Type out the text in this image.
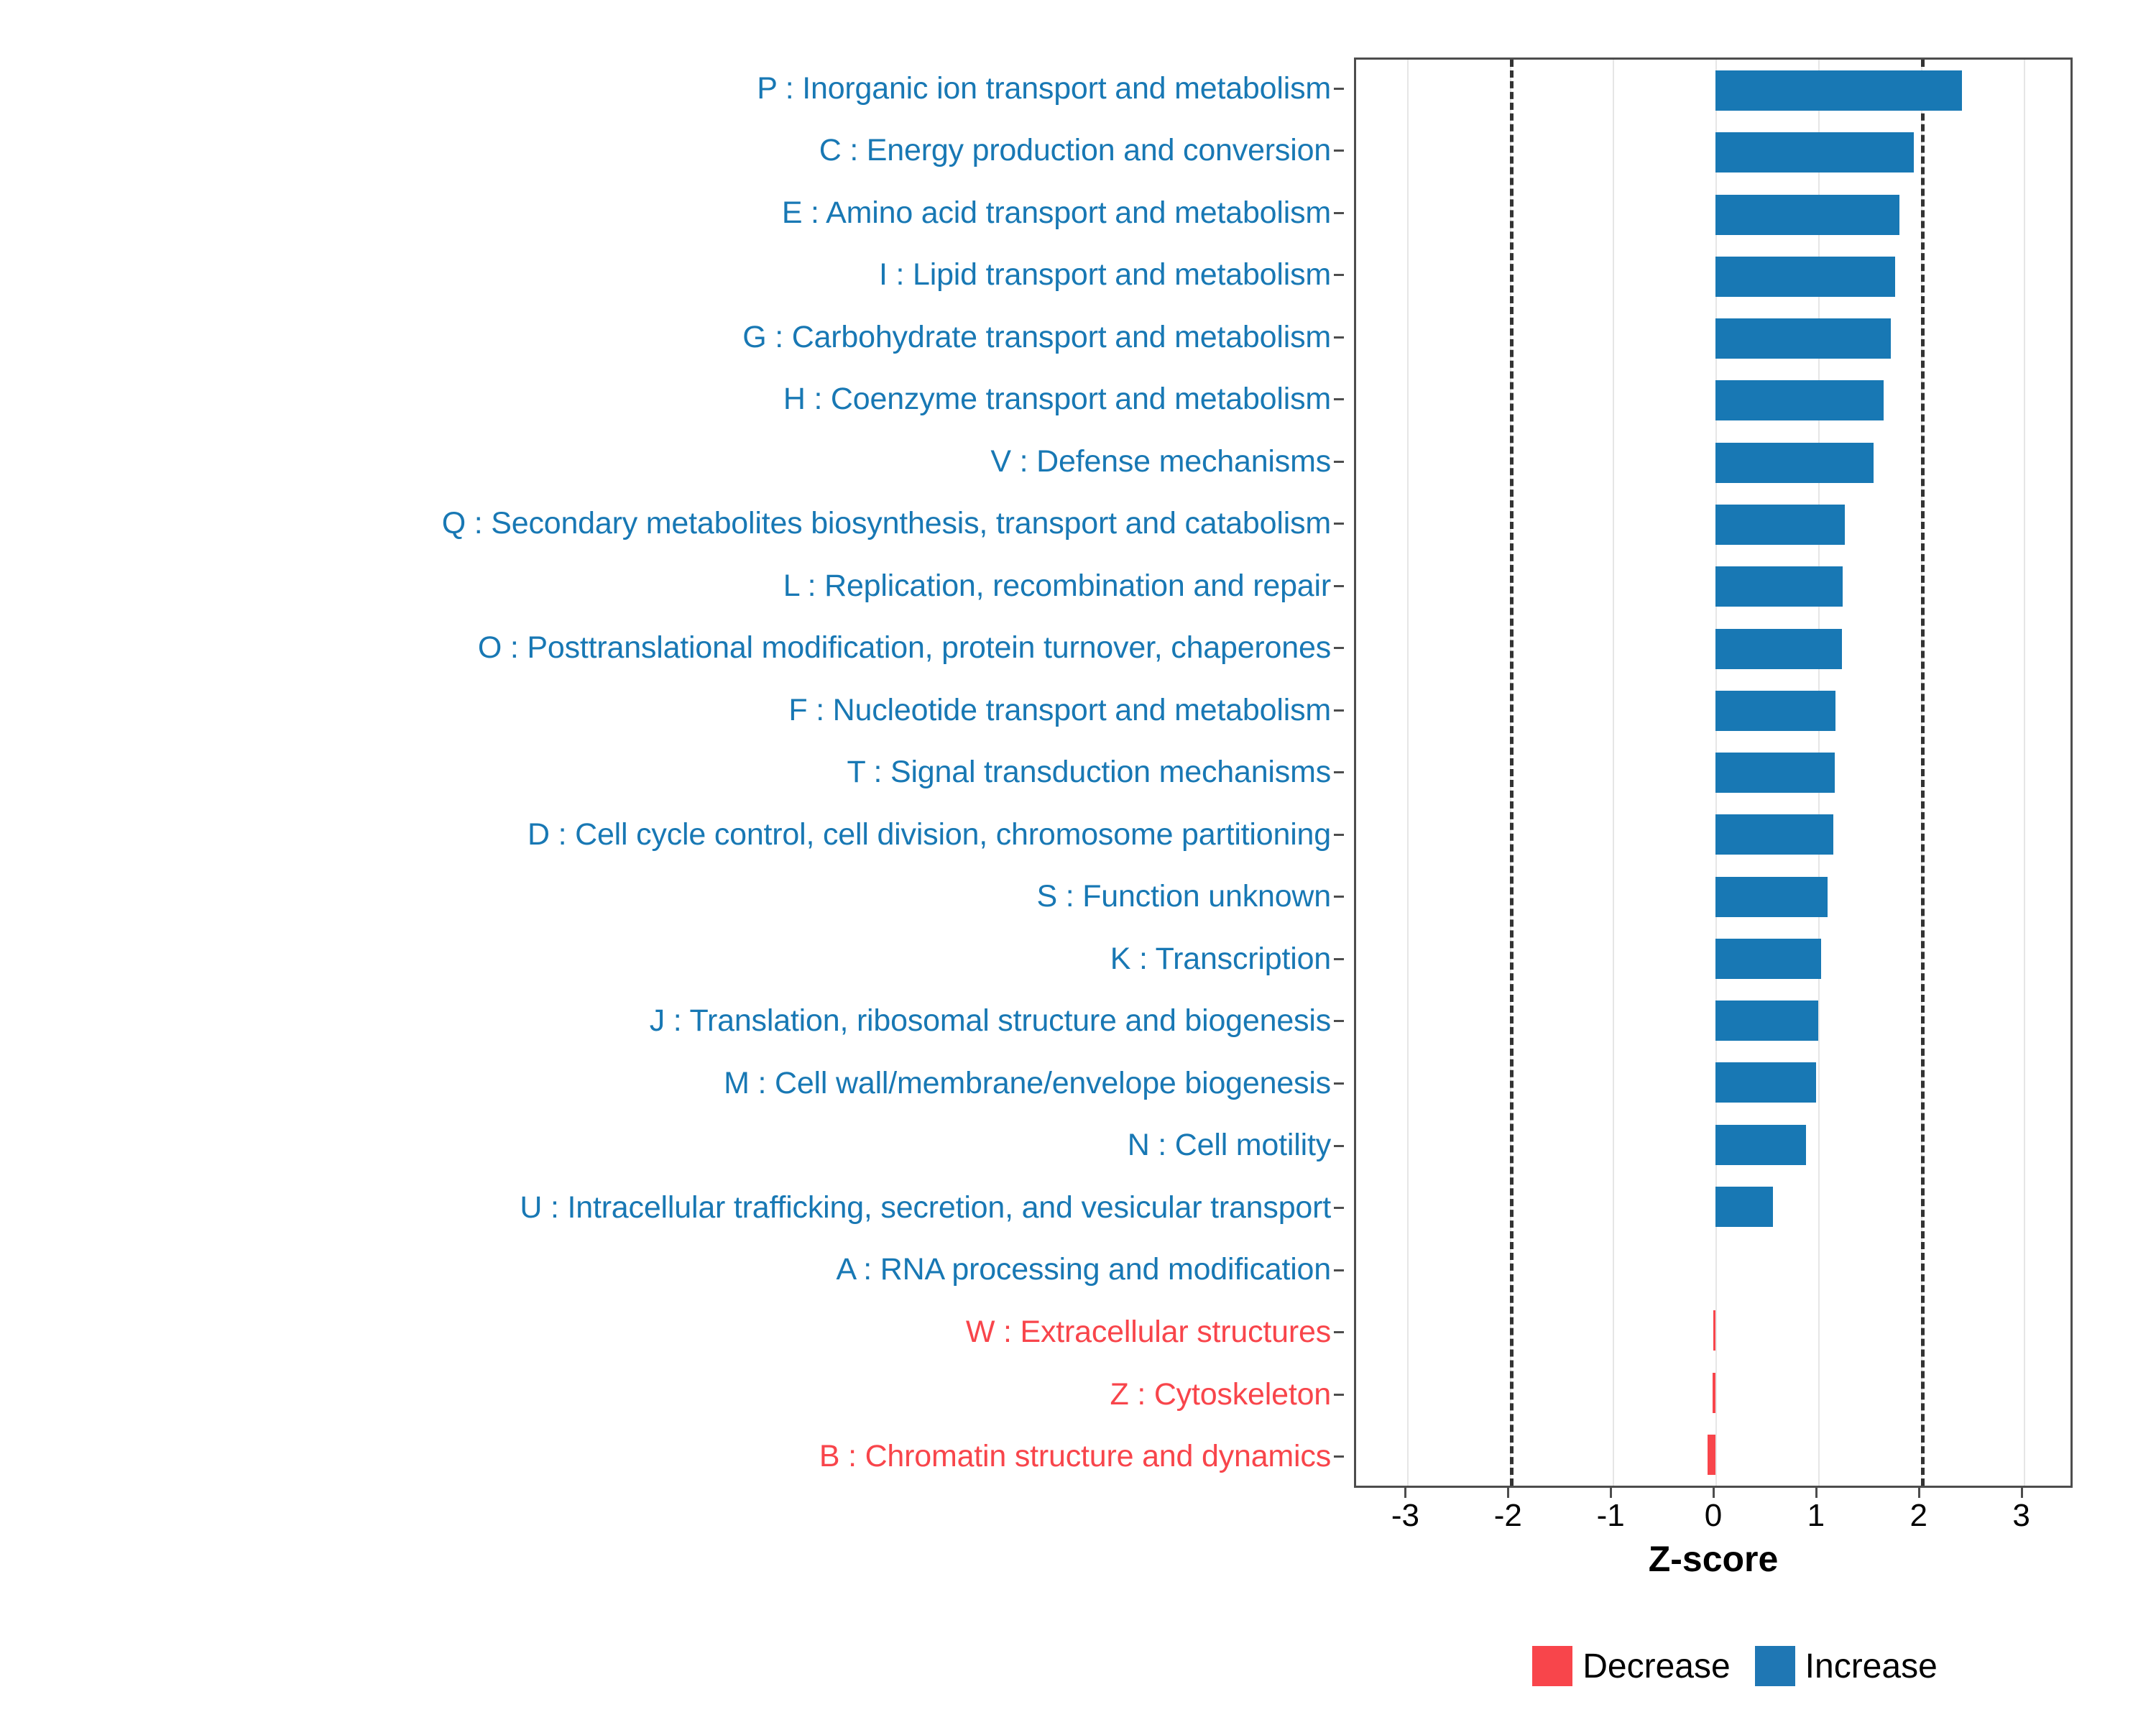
P : Inorganic ion transport and metabolism
C : Energy production and conversion
E : Amino acid transport and metabolism
I : Lipid transport and metabolism
G : Carbohydrate transport and metabolism
H : Coenzyme transport and metabolism
V : Defense mechanisms
Q : Secondary metabolites biosynthesis, transport and catabolism
L : Replication, recombination and repair
O : Posttranslational modification, protein turnover, chaperones
F : Nucleotide transport and metabolism
T : Signal transduction mechanisms
D : Cell cycle control, cell division, chromosome partitioning
S : Function unknown
K : Transcription
J : Translation, ribosomal structure and biogenesis
M : Cell wall/membrane/envelope biogenesis
N : Cell motility
U : Intracellular trafficking, secretion, and vesicular transport
A : RNA processing and modification
W : Extracellular structures
Z : Cytoskeleton
B : Chromatin structure and dynamics
-3 -2 -1	0	1	2	3
Z-score
Decrease Increase
